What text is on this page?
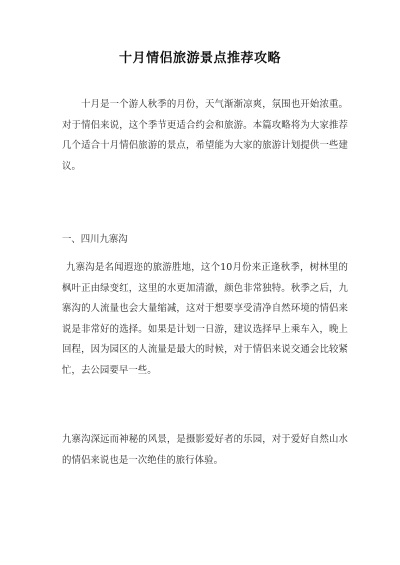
十月情侣旅游景点推荐攻略
十月是一个游人秋季的月份，天气渐渐凉爽，氛围也开始浓重。对于情侣来说，这个季节更适合约会和旅游。本篇攻略将为大家推荐几个适合十月情侣旅游的景点，希望能为大家的旅游计划提供一些建议。
一、四川九寨沟
九寨沟是名闻遐迩的旅游胜地，这个10月份来正逢秋季，树林里的枫叶正由绿变红，这里的水更加清澈，颜色非常独特。秋季之后，九寨沟的人流量也会大量缩减，这对于想要享受清净自然环境的情侣来说是非常好的选择。如果是计划一日游，建议选择早上乘车入，晚上回程，因为园区的人流量是最大的时候，对于情侣来说交通会比较紧忙，去公园要早一些。
九寨沟深远而神秘的风景，是摄影爱好者的乐园，对于爱好自然山水的情侣来说也是一次绝佳的旅行体验。
